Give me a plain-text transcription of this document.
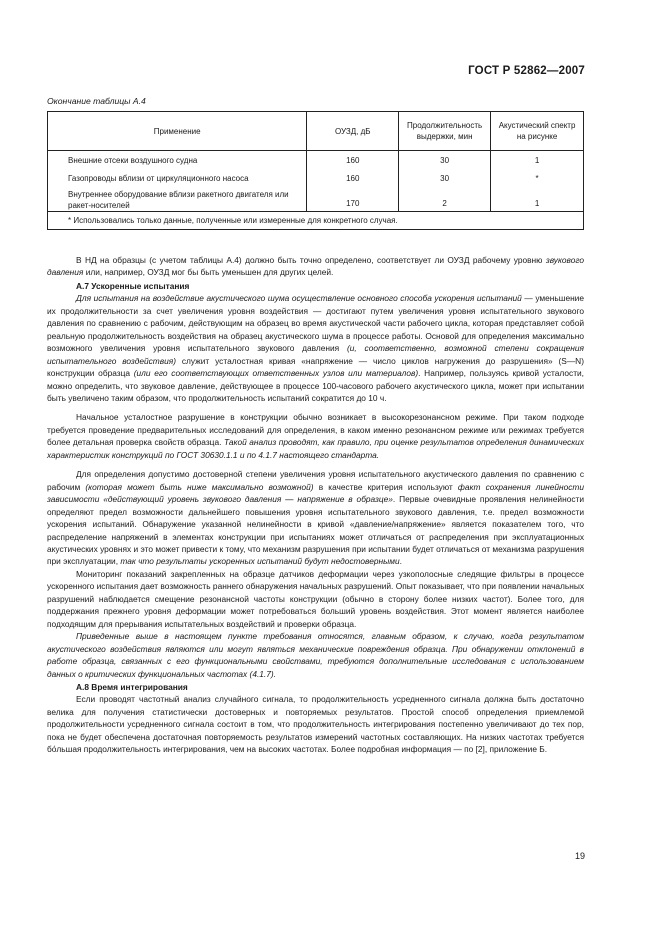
ГОСТ Р 52862—2007
Окончание таблицы А.4
Применение	ОУЗД, дБ	Продолжительность выдержки, мин	Акустический спектр на рисунке
Внешние отсеки воздушного судна	160	30	1
Газопроводы вблизи от циркуляционного насоса	160	30	*
Внутреннее оборудование вблизи ракетного двигателя или ракет-носителей	170	2	1
* Использовались только данные, полученные или измеренные для конкретного случая.			

В НД на образцы (с учетом таблицы А.4) должно быть точно определено, соответствует ли ОУЗД рабочему уровню звукового давления или, например, ОУЗД мог бы быть уменьшен для других целей.

А.7 Ускоренные испытания

Для испытания на воздействие акустического шума осуществление основного способа ускорения испытаний — уменьшение их продолжительности за счет увеличения уровня воздействия — достигают путем увеличения уровня испытательного звукового давления по сравнению с рабочим, действующим на образец во время акустической части рабочего цикла, которая представляет собой реальную продолжительность воздействия на образец акустического шума в процессе работы. Основой для определения максимально возможного увеличения уровня испытательного звукового давления (и, соответственно, возможной степени сокращения испытательного воздействия) служит усталостная кривая «напряжение — число циклов нагружения до разрушения» (S—N) конструкции образца (или его соответствующих ответственных узлов или материалов). Например, пользуясь кривой усталости, можно определить, что звуковое давление, действующее в процессе 100-часового рабочего акустического цикла, может при испытании быть увеличено таким образом, что продолжительность испытаний сократится до 10 ч.

Начальное усталостное разрушение в конструкции обычно возникает в высокорезонансном режиме. При таком подходе требуется проведение предварительных исследований для определения, в каком именно резонансном режиме или режимах требуется более детальная проверка свойств образца. Такой анализ проводят, как правило, при оценке результатов определения динамических характеристик конструкций по ГОСТ 30630.1.1 и по 4.1.7 настоящего стандарта.

Для определения допустимо достоверной степени увеличения уровня испытательного акустического давления по сравнению с рабочим (которая может быть ниже максимально возможной) в качестве критерия используют факт сохранения линейности зависимости «действующий уровень звукового давления — напряжение в образце». Первые очевидные проявления нелинейности определяют предел возможности дальнейшего повышения уровня испытательного звукового давления, т.е. предел возможности ускорения испытаний. Обнаружение указанной нелинейности в кривой «давление/напряжение» является показателем того, что распределение напряжений в элементах конструкции при испытаниях может отличаться от распределения при эксплуатационных акустических уровнях и это может привести к тому, что механизм разрушения при испытании будет отличаться от механизма разрушения при эксплуатации, так что результаты ускоренных испытаний будут недостоверными.

Мониторинг показаний закрепленных на образце датчиков деформации через узкополосные следящие фильтры в процессе ускоренного испытания дает возможность раннего обнаружения начальных разрушений. Опыт показывает, что при появлении начальных разрушений наблюдается смещение резонансной частоты конструкции (обычно в сторону более низких частот). Более того, для поддержания прежнего уровня деформации может потребоваться больший уровень воздействия. Этот момент является наиболее подходящим для прерывания испытательных воздействий и проверки образца.

Приведенные выше в настоящем пункте требования относятся, главным образом, к случаю, когда результатом акустического воздействия являются или могут являться механические повреждения образца. При обнаружении отклонений в работе образца, связанных с его функциональными свойствами, требуются дополнительные исследования с использованием данных о критических функциональных частотах (4.1.7).

А.8 Время интегрирования

Если проводят частотный анализ случайного сигнала, то продолжительность усредненного сигнала должна быть достаточно велика для получения статистически достоверных и повторяемых результатов. Простой способ определения приемлемой продолжительности усредненного сигнала состоит в том, что продолжительность интегрирования постепенно увеличивают до тех пор, пока не будет обеспечена достаточная повторяемость результатов измерений частотных составляющих. На низких частотах требуется бо́льшая продолжительность интегрирования, чем на высоких частотах. Более подробная информация — по [2], приложение Б.

19
